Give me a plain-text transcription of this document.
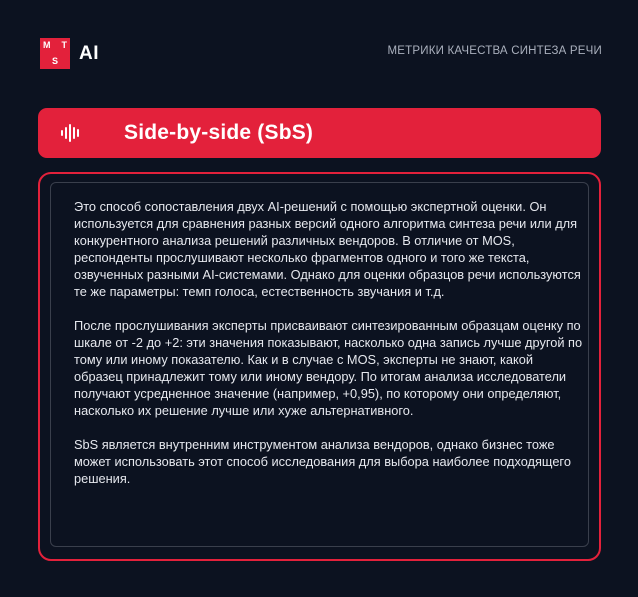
M T
S AI	МЕТРИКИ КАЧЕСТВА СИНТЕЗА РЕЧИ
Side-by-side (SbS)

Это способ сопоставления двух AI-решений с помощью экспертной оценки. Он используется для сравнения разных версий одного алгоритма синтеза речи или для конкурентного анализа решений различных вендоров. В отличие от MOS, респонденты прослушивают несколько фрагментов одного и того же текста, озвученных разными AI-системами. Однако для оценки образцов речи используются те же параметры: темп голоса, естественность звучания и т.д.

После прослушивания эксперты присваивают синтезированным образцам оценку по шкале от -2 до +2: эти значения показывают, насколько одна запись лучше другой по тому или иному показателю. Как и в случае с MOS, эксперты не знают, какой образец принадлежит тому или иному вендору. По итогам анализа исследователи получают усредненное значение (например, +0,95), по которому они определяют, насколько их решение лучше или хуже альтернативного.

SbS является внутренним инструментом анализа вендоров, однако бизнес тоже может использовать этот способ исследования для выбора наиболее подходящего решения.
